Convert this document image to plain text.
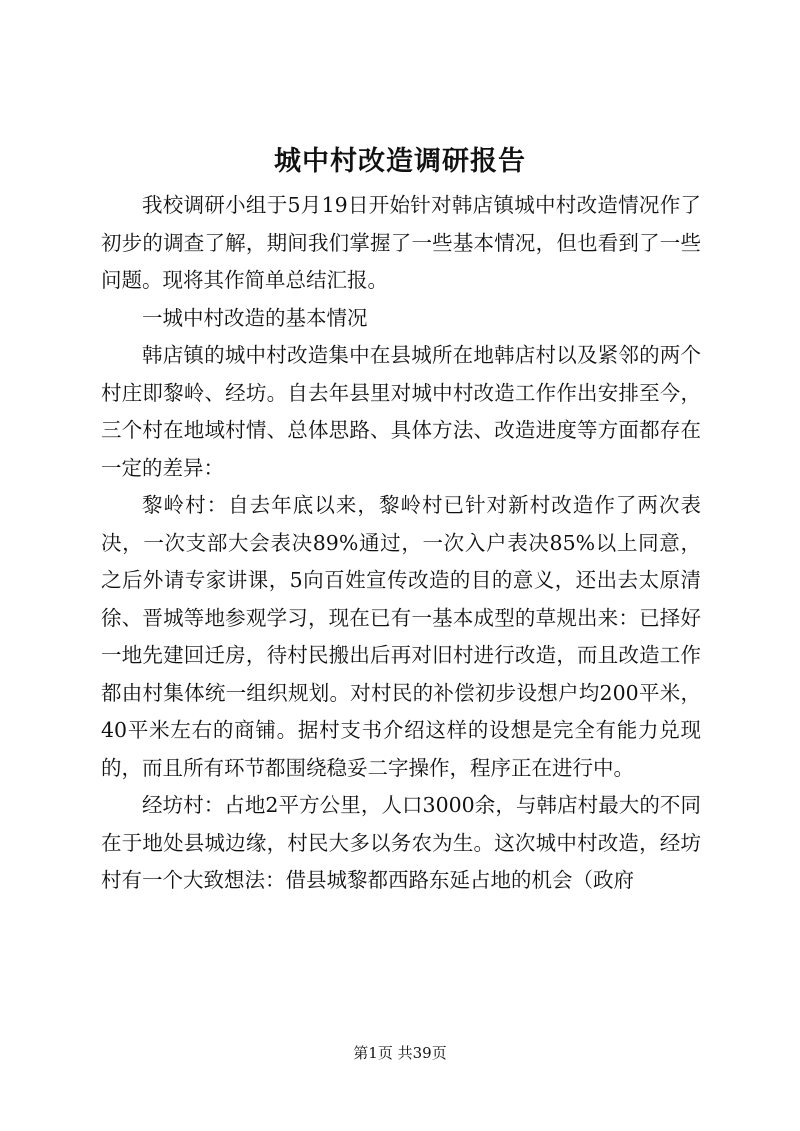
城中村改造调研报告

我校调研小组于5月19日开始针对韩店镇城中村改造情况作了初步的调查了解，期间我们掌握了一些基本情况，但也看到了一些问题。现将其作简单总结汇报。

一城中村改造的基本情况

韩店镇的城中村改造集中在县城所在地韩店村以及紧邻的两个村庄即黎岭、经坊。自去年县里对城中村改造工作作出安排至今，三个村在地域村情、总体思路、具体方法、改造进度等方面都存在一定的差异：

黎岭村：自去年底以来，黎岭村已针对新村改造作了两次表决，一次支部大会表决89%通过，一次入户表决85%以上同意，之后外请专家讲课，5向百姓宣传改造的目的意义，还出去太原清徐、晋城等地参观学习，现在已有一基本成型的草规出来：已择好一地先建回迁房，待村民搬出后再对旧村进行改造，而且改造工作都由村集体统一组织规划。对村民的补偿初步设想户均200平米，40平米左右的商铺。据村支书介绍这样的设想是完全有能力兑现的，而且所有环节都围绕稳妥二字操作，程序正在进行中。

经坊村：占地2平方公里，人口3000余，与韩店村最大的不同在于地处县城边缘，村民大多以务农为生。这次城中村改造，经坊村有一个大致想法：借县城黎都西路东延占地的机会（政府

第1页 共39页
